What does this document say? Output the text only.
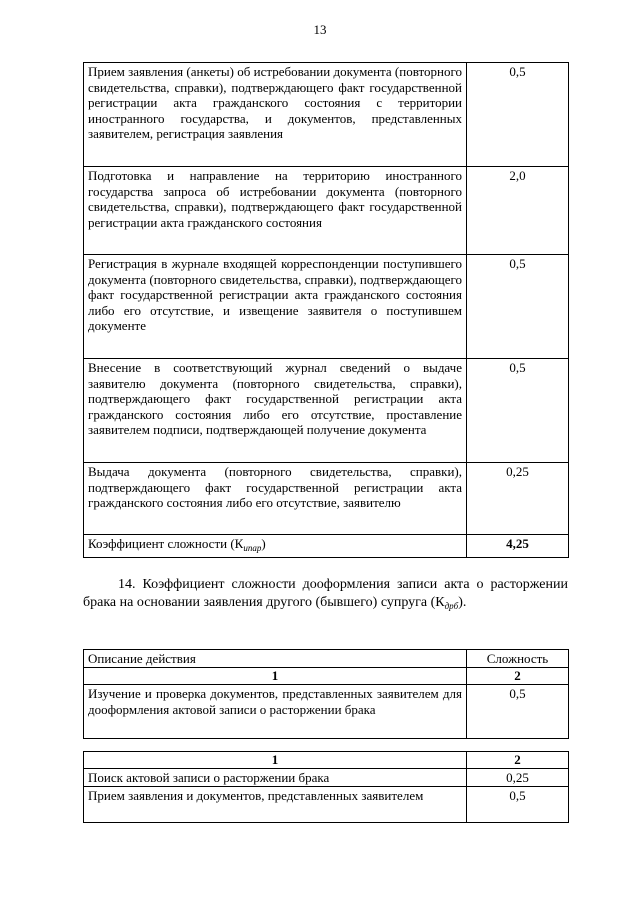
13
Прием заявления (анкеты) об истребовании документа (повторного свидетельства, справки), подтверждающего факт государственной регистрации акта гражданского состояния с территории иностранного государства, и документов, представленных заявителем, регистрация заявления	0,5
Подготовка и направление на территорию иностранного государства запроса об истребовании документа (повторного свидетельства, справки), подтверждающего факт государственной регистрации акта гражданского состояния	2,0
Регистрация в журнале входящей корреспонденции поступившего документа (повторного свидетельства, справки), подтверждающего факт государственной регистрации акта гражданского состояния либо его отсутствие, и извещение заявителя о поступившем документе	0,5
Внесение в соответствующий журнал сведений о выдаче заявителю документа (повторного свидетельства, справки), подтверждающего факт государственной регистрации акта гражданского состояния либо его отсутствие, проставление заявителем подписи, подтверждающей получение документа	0,5
Выдача документа (повторного свидетельства, справки), подтверждающего факт государственной регистрации акта гражданского состояния либо его отсутствие, заявителю	0,25
Коэффициент сложности $(К_{ипар})$	4,25
14. Коэффициент сложности дооформления записи акта о расторжении брака на основании заявления другого (бывшего) супруга $(К_{дрб})$.
Описание действия	Сложность
1	2
Изучение и проверка документов, представленных заявителем для дооформления актовой записи о расторжении брака	0,5
1	2
Поиск актовой записи о расторжении брака	0,25
Прием заявления и документов, представленных заявителем	0,5
